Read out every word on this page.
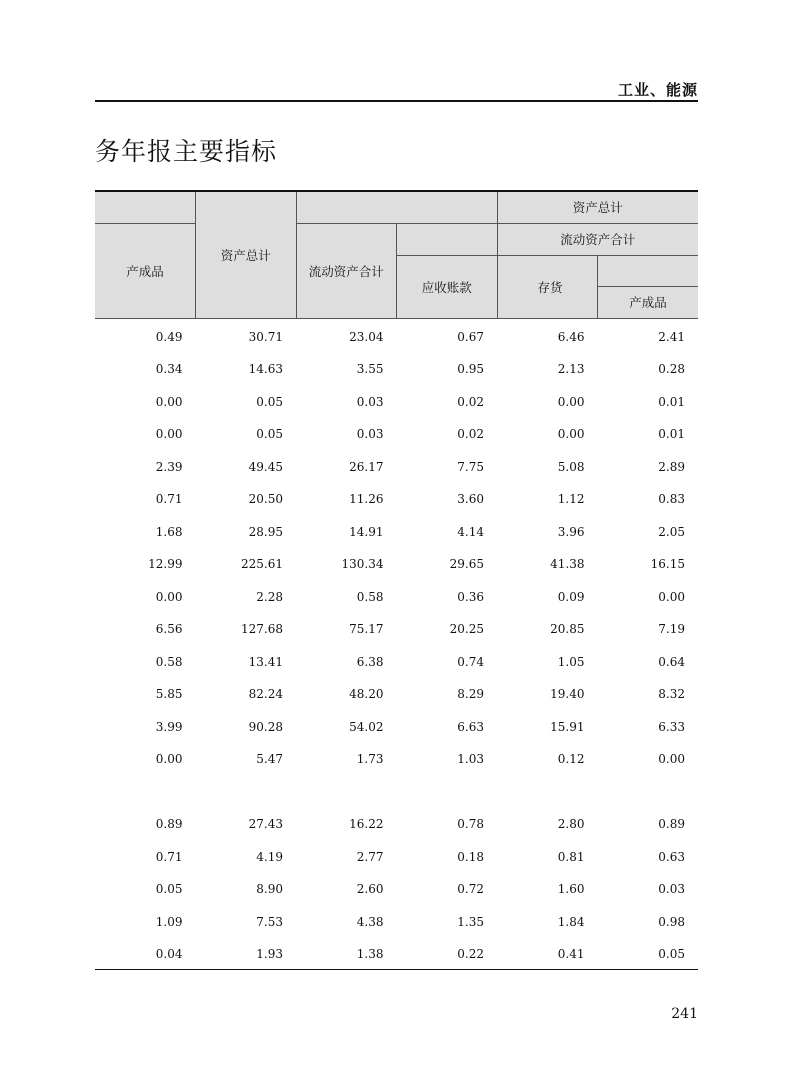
工业、能源
务年报主要指标
	资产总计			资产总计	
产成品		流动资产合计		流动资产合计	
			应收账款	存货	
					产成品
0.49	30.71	23.04	0.67	6.46	2.41
0.34	14.63	3.55	0.95	2.13	0.28
0.00	0.05	0.03	0.02	0.00	0.01
0.00	0.05	0.03	0.02	0.00	0.01
2.39	49.45	26.17	7.75	5.08	2.89
0.71	20.50	11.26	3.60	1.12	0.83
1.68	28.95	14.91	4.14	3.96	2.05
12.99	225.61	130.34	29.65	41.38	16.15
0.00	2.28	0.58	0.36	0.09	0.00
6.56	127.68	75.17	20.25	20.85	7.19
0.58	13.41	6.38	0.74	1.05	0.64
5.85	82.24	48.20	8.29	19.40	8.32
3.99	90.28	54.02	6.63	15.91	6.33
0.00	5.47	1.73	1.03	0.12	0.00

0.89	27.43	16.22	0.78	2.80	0.89
0.71	4.19	2.77	0.18	0.81	0.63
0.05	8.90	2.60	0.72	1.60	0.03
1.09	7.53	4.38	1.35	1.84	0.98
0.04	1.93	1.38	0.22	0.41	0.05
241
